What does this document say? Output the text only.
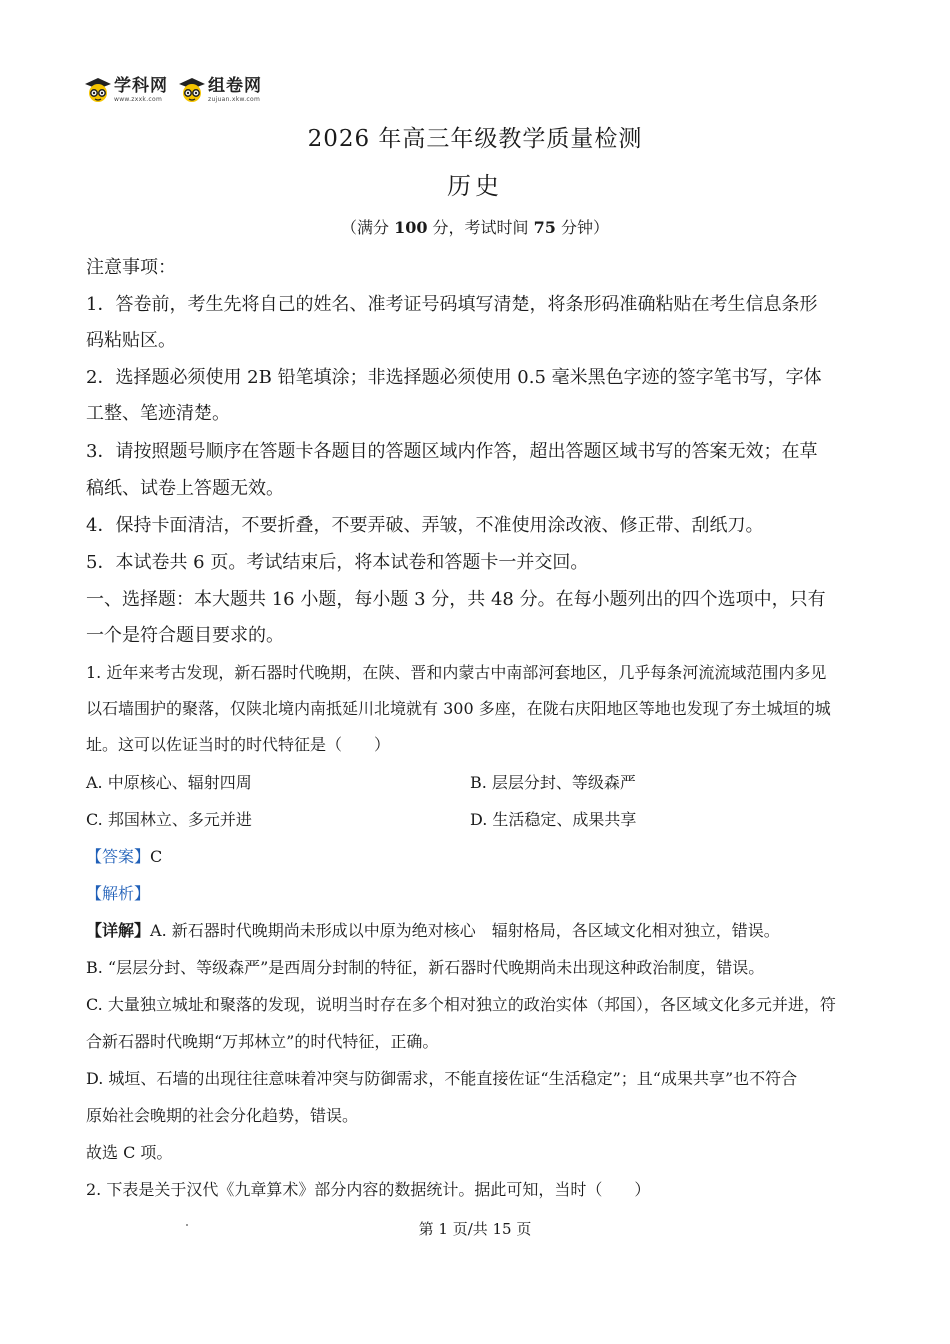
学科网
www.zxxk.com
组卷网
zujuan.xkw.com
2026 年高三年级教学质量检测
历史
（满分 100 分，考试时间 75 分钟）
注意事项：
1．答卷前，考生先将自己的姓名、准考证号码填写清楚，将条形码准确粘贴在考生信息条形
码粘贴区。
2．选择题必须使用 2B 铅笔填涂；非选择题必须使用 0.5 毫米黑色字迹的签字笔书写，字体
工整、笔迹清楚。
3．请按照题号顺序在答题卡各题目的答题区域内作答，超出答题区域书写的答案无效；在草
稿纸、试卷上答题无效。
4．保持卡面清洁，不要折叠，不要弄破、弄皱，不准使用涂改液、修正带、刮纸刀。
5．本试卷共 6 页。考试结束后，将本试卷和答题卡一并交回。
一、选择题：本大题共 16 小题，每小题 3 分，共 48 分。在每小题列出的四个选项中，只有
一个是符合题目要求的。
1. 近年来考古发现，新石器时代晚期，在陕、晋和内蒙古中南部河套地区，几乎每条河流流域范围内多见
以石墙围护的聚落，仅陕北境内南抵延川北境就有 300 多座，在陇右庆阳地区等地也发现了夯土城垣的城
址。这可以佐证当时的时代特征是（　　）
A. 中原核心、辐射四周	B. 层层分封、等级森严
C. 邦国林立、多元并进	D. 生活稳定、成果共享
【答案】C
【解析】
【详解】A. 新石器时代晚期尚未形成以中原为绝对核心　辐射格局，各区域文化相对独立，错误。
B. “层层分封、等级森严”是西周分封制的特征，新石器时代晚期尚未出现这种政治制度，错误。
C. 大量独立城址和聚落的发现，说明当时存在多个相对独立的政治实体（邦国），各区域文化多元并进，符
合新石器时代晚期“万邦林立”的时代特征，正确。
D. 城垣、石墙的出现往往意味着冲突与防御需求，不能直接佐证“生活稳定”；且“成果共享”也不符合
原始社会晚期的社会分化趋势，错误。
故选 C 项。
2. 下表是关于汉代《九章算术》部分内容的数据统计。据此可知，当时（　　）
第 1 页/共 15 页
